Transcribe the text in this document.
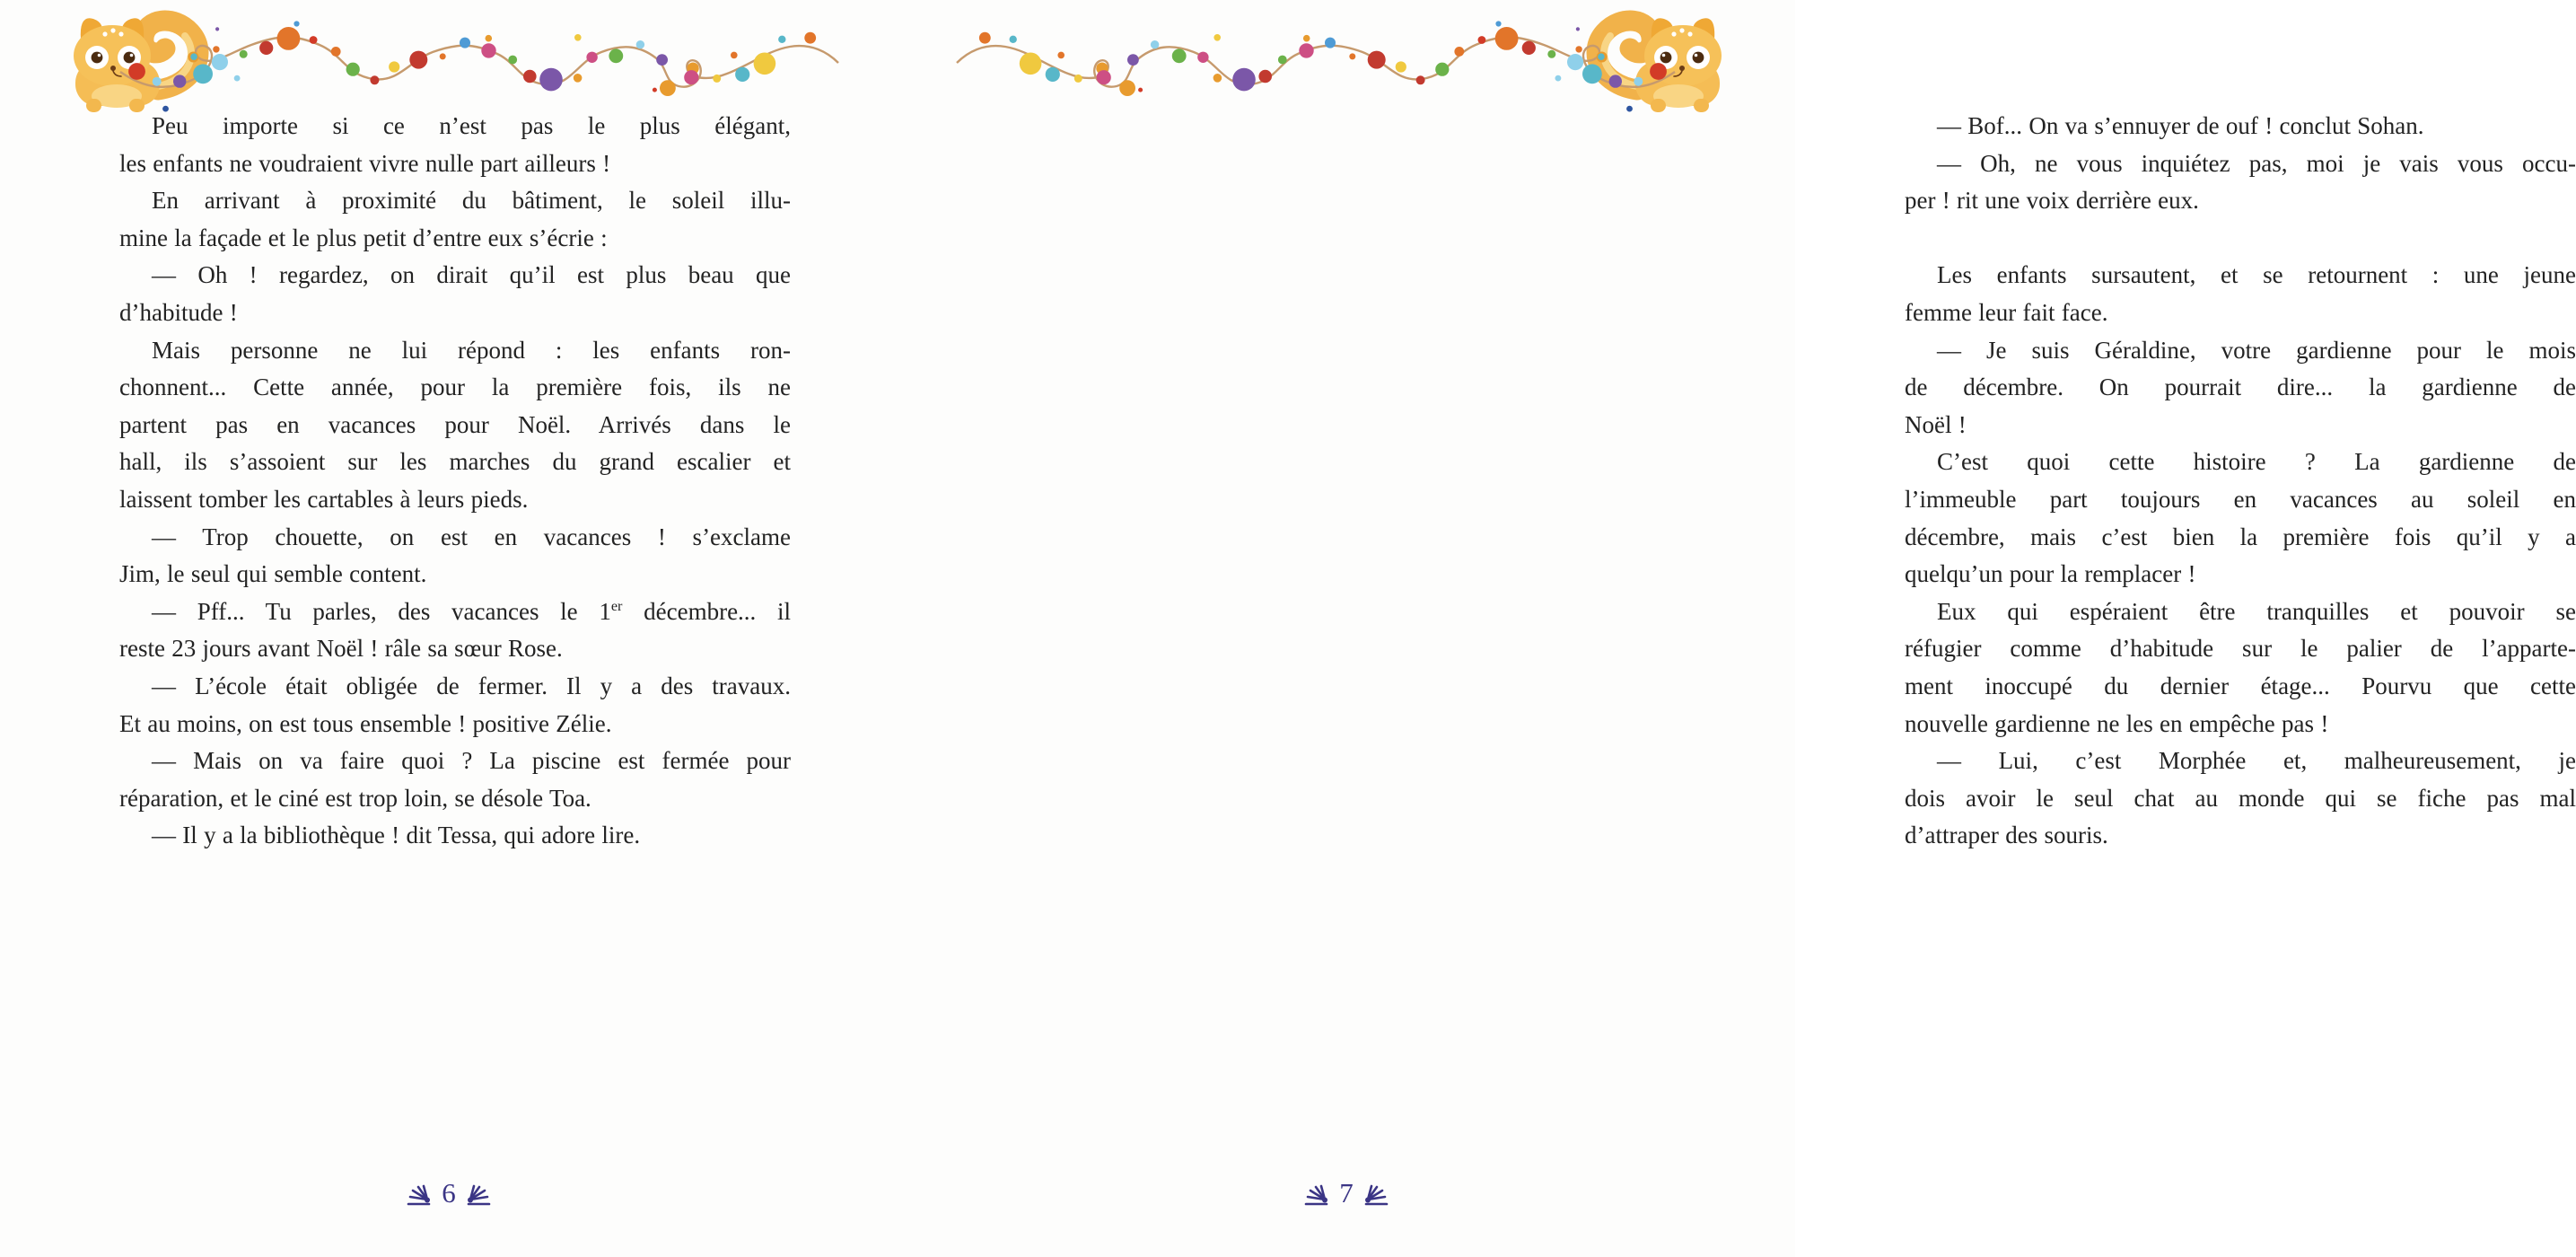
Peu importe si ce n’est pas le plus élégant,
les enfants ne voudraient vivre nulle part ailleurs !
En arrivant à proximité du bâtiment, le soleil illu-
mine la façade et le plus petit d’entre eux s’écrie :
— Oh ! regardez, on dirait qu’il est plus beau que
d’habitude !
Mais personne ne lui répond : les enfants ron-
chonnent... Cette année, pour la première fois, ils ne
partent pas en vacances pour Noël. Arrivés dans le
hall, ils s’assoient sur les marches du grand escalier et
laissent tomber les cartables à leurs pieds.
— Trop chouette, on est en vacances ! s’exclame
Jim, le seul qui semble content.
— Pff... Tu parles, des vacances le 1er décembre... il
reste 23 jours avant Noël ! râle sa sœur Rose.
— L’école était obligée de fermer. Il y a des travaux.
Et au moins, on est tous ensemble ! positive Zélie.
— Mais on va faire quoi ? La piscine est fermée pour
réparation, et le ciné est trop loin, se désole Toa.
— Il y a la bibliothèque ! dit Tessa, qui adore lire.
6
— Bof... On va s’ennuyer de ouf ! conclut Sohan.
— Oh, ne vous inquiétez pas, moi je vais vous occu-
per ! rit une voix derrière eux.
Les enfants sursautent, et se retournent : une jeune
femme leur fait face.
— Je suis Géraldine, votre gardienne pour le mois
de décembre. On pourrait dire... la gardienne de
Noël !
C’est quoi cette histoire ? La gardienne de
l’immeuble part toujours en vacances au soleil en
décembre, mais c’est bien la première fois qu’il y a
quelqu’un pour la remplacer !
Eux qui espéraient être tranquilles et pouvoir se
réfugier comme d’habitude sur le palier de l’apparte-
ment inoccupé du dernier étage... Pourvu que cette
nouvelle gardienne ne les en empêche pas !
— Lui, c’est Morphée et, malheureusement, je
dois avoir le seul chat au monde qui se fiche pas mal
d’attraper des souris.
7
